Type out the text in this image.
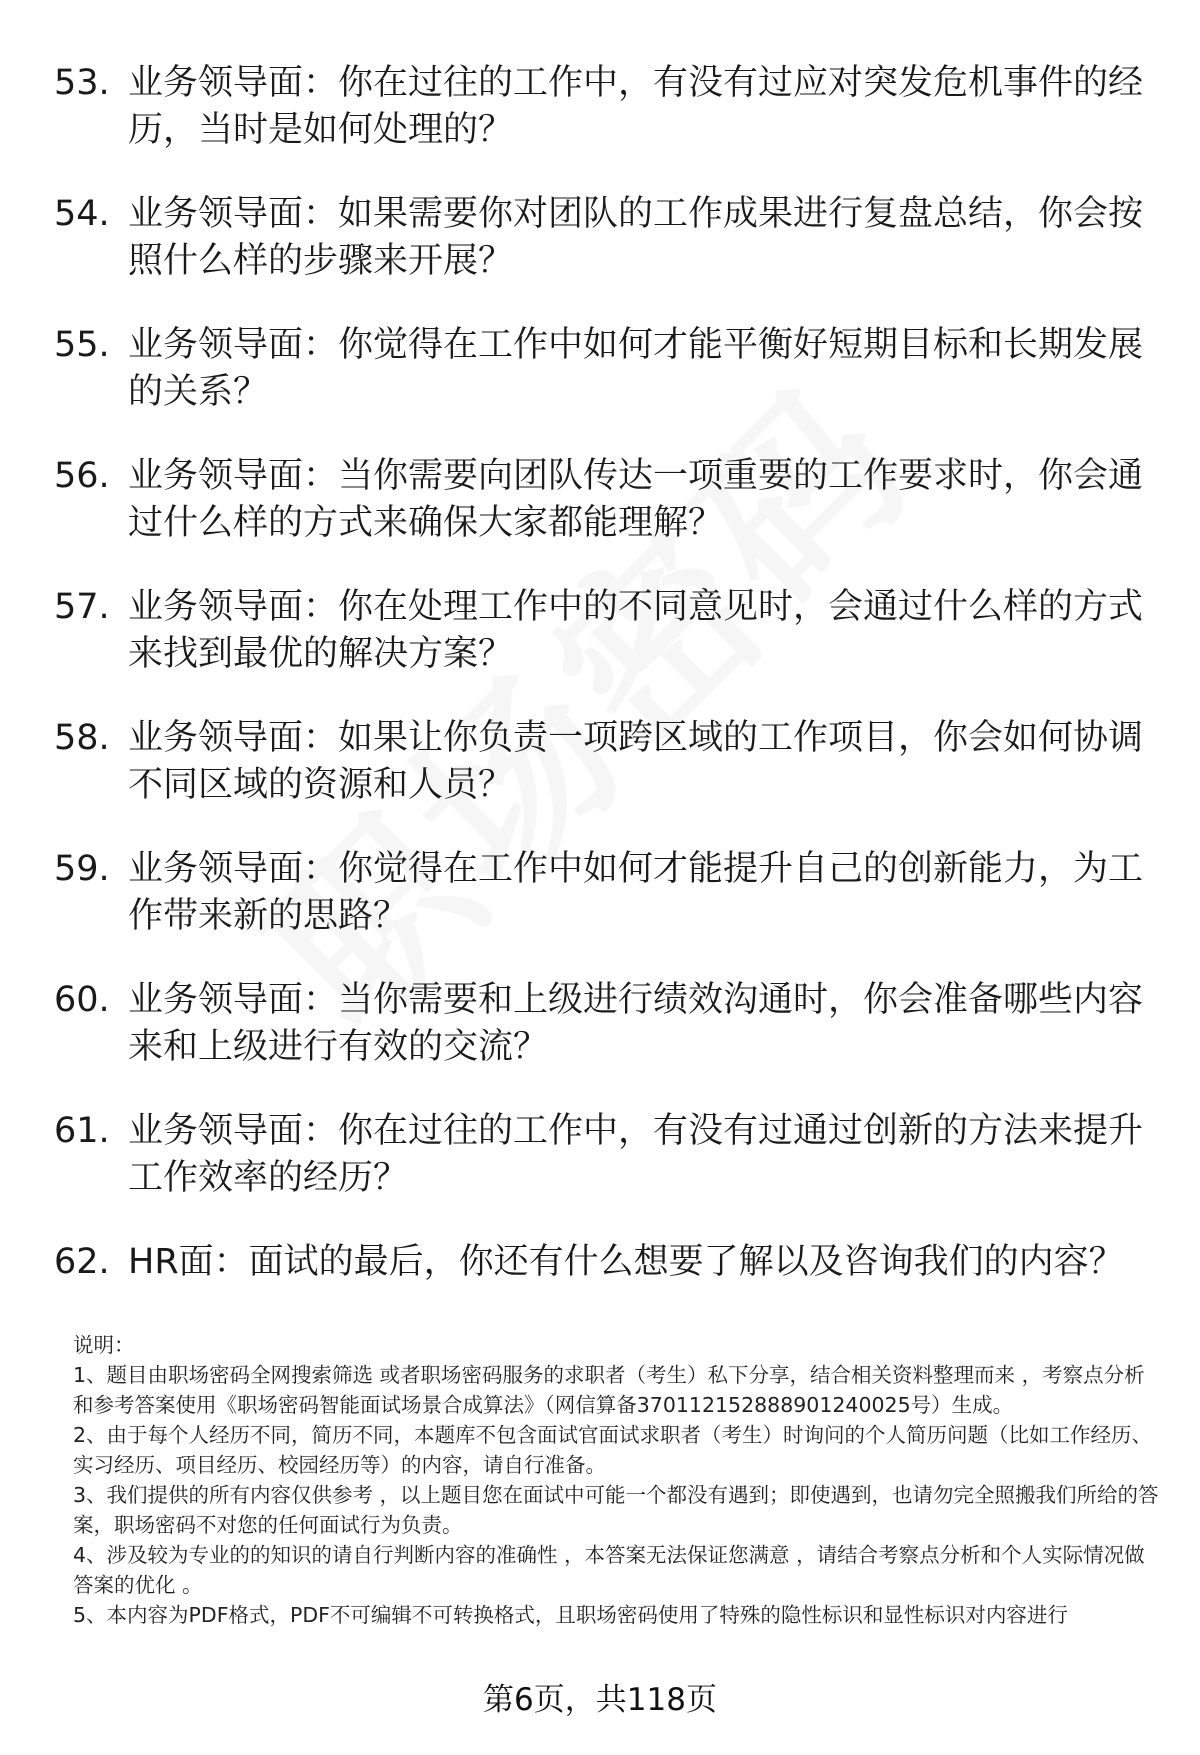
53. 业务领导面：你在过往的工作中，有没有过应对突发危机事件的经历，当时是如何处理的？
54. 业务领导面：如果需要你对团队的工作成果进行复盘总结，你会按照什么样的步骤来开展？
55. 业务领导面：你觉得在工作中如何才能平衡好短期目标和长期发展的关系？
56. 业务领导面：当你需要向团队传达一项重要的工作要求时，你会通过什么样的方式来确保大家都能理解？
57. 业务领导面：你在处理工作中的不同意见时，会通过什么样的方式来找到最优的解决方案？
58. 业务领导面：如果让你负责一项跨区域的工作项目，你会如何协调不同区域的资源和人员？
59. 业务领导面：你觉得在工作中如何才能提升自己的创新能力，为工作带来新的思路？
60. 业务领导面：当你需要和上级进行绩效沟通时，你会准备哪些内容来和上级进行有效的交流？
61. 业务领导面：你在过往的工作中，有没有过通过创新的方法来提升工作效率的经历？
62. HR面：面试的最后，你还有什么想要了解以及咨询我们的内容？

说明：

1、题目由职场密码全网搜索筛选 或者职场密码服务的求职者（考生）私下分享，结合相关资料整理而来 ，考察点分析和参考答案使用《职场密码智能面试场景合成算法》（网信算备370112152888901240025号）生成。

2、由于每个人经历不同，简历不同，本题库不包含面试官面试求职者（考生）时询问的个人简历问题（比如工作经历、实习经历、项目经历、校园经历等）的内容，请自行准备。

3、我们提供的所有内容仅供参考 ，以上题目您在面试中可能一个都没有遇到；即使遇到，也请勿完全照搬我们所给的答案，职场密码不对您的任何面试行为负责。

4、涉及较为专业的的知识的请自行判断内容的准确性 ，本答案无法保证您满意 ，请结合考察点分析和个人实际情况做答案的优化 。

5、本内容为PDF格式，PDF不可编辑不可转换格式，且职场密码使用了特殊的隐性标识和显性标识对内容进行

第6页，共118页
